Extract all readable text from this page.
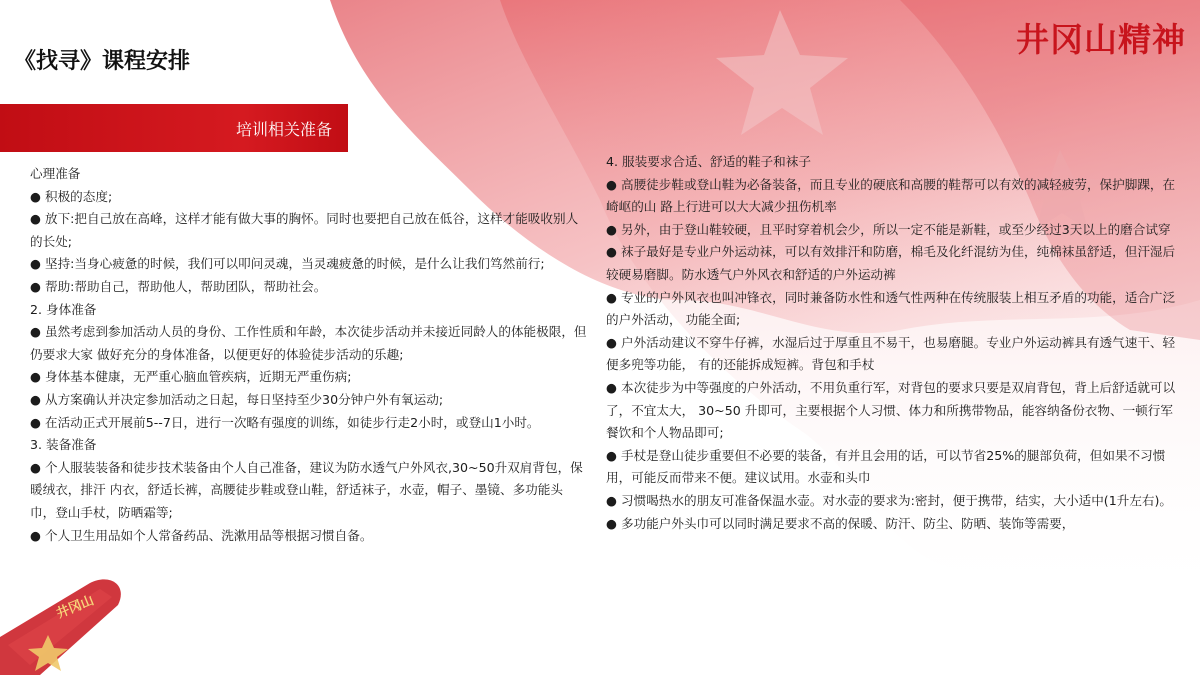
井冈山精神
《找寻》课程安排
培训相关准备

心理准备

● 积极的态度;

● 放下:把自己放在高峰，这样才能有做大事的胸怀。同时也要把自己放在低谷，这样才能吸收别人的长处;

● 坚持:当身心疲惫的时候，我们可以叩问灵魂，当灵魂疲惫的时候，是什么让我们笃然前行;

● 帮助:帮助自己，帮助他人，帮助团队，帮助社会。

2. 身体准备

● 虽然考虑到参加活动人员的身份、工作性质和年龄，本次徒步活动并未接近同龄人的体能极限，但仍要求大家 做好充分的身体准备，以便更好的体验徒步活动的乐趣;

● 身体基本健康，无严重心脑血管疾病，近期无严重伤病;

● 从方案确认并决定参加活动之日起，每日坚持至少30分钟户外有氧运动;

● 在活动正式开展前5--7日，进行一次略有强度的训练，如徒步行走2小时，或登山1小时。

3. 装备准备

● 个人服装装备和徒步技术装备由个人自己准备，建议为防水透气户外风衣,30~50升双肩背包，保暖绒衣，排汗 内衣，舒适长裤，高腰徒步鞋或登山鞋，舒适袜子，水壶，帽子、墨镜、多功能头巾，登山手杖，防晒霜等;

● 个人卫生用品如个人常备药品、洗漱用品等根据习惯自备。

4. 服装要求合适、舒适的鞋子和袜子

● 高腰徒步鞋或登山鞋为必备装备，而且专业的硬底和高腰的鞋帮可以有效的减轻疲劳，保护脚踝，在崎岖的山 路上行进可以大大减少扭伤机率

● 另外，由于登山鞋较硬，且平时穿着机会少，所以一定不能是新鞋，或至少经过3天以上的磨合试穿

● 袜子最好是专业户外运动袜，可以有效排汗和防磨，棉毛及化纤混纺为佳，纯棉袜虽舒适，但汗湿后较硬易磨脚。防水透气户外风衣和舒适的户外运动裤

● 专业的户外风衣也叫冲锋衣，同时兼备防水性和透气性两种在传统服装上相互矛盾的功能，适合广泛的户外活动， 功能全面;

● 户外活动建议不穿牛仔裤，水湿后过于厚重且不易干，也易磨腿。专业户外运动裤具有透气速干、轻便多兜等功能， 有的还能拆成短裤。背包和手杖

● 本次徒步为中等强度的户外活动，不用负重行军，对背包的要求只要是双肩背包，背上后舒适就可以了，不宜太大， 30~50 升即可，主要根据个人习惯、体力和所携带物品，能容纳备份衣物、一顿行军餐饮和个人物品即可;

● 手杖是登山徒步重要但不必要的装备，有并且会用的话，可以节省25%的腿部负荷，但如果不习惯用，可能反而带来不便。建议试用。水壶和头巾

● 习惯喝热水的朋友可准备保温水壶。对水壶的要求为:密封，便于携带，结实，大小适中(1升左右)。

● 多功能户外头巾可以同时满足要求不高的保暖、防汗、防尘、防晒、装饰等需要，

井冈山
